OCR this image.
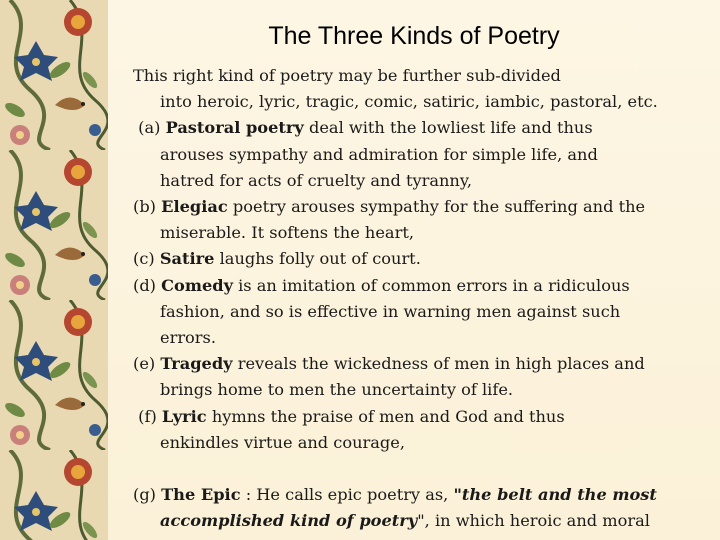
The Three Kinds of Poetry

This right kind of poetry may be further sub-divided
into heroic, lyric, tragic, comic, satiric, iambic, pastoral, etc.

(a) Pastoral poetry deal with the lowliest life and thus
arouses sympathy and admiration for simple life, and
hatred for acts of cruelty and tyranny,

(b) Elegiac poetry arouses sympathy for the suffering and the
miserable. It softens the heart,

(c) Satire laughs folly out of court.

(d) Comedy is an imitation of common errors in a ridiculous
fashion, and so is effective in warning men against such
errors.

(e) Tragedy reveals the wickedness of men in high places and
brings home to men the uncertainty of life.

(f) Lyric hymns the praise of men and God and thus
enkindles virtue and courage,

(g) The Epic : He calls epic poetry as, "the belt and the most
accomplished kind of poetry", in which heroic and moral
